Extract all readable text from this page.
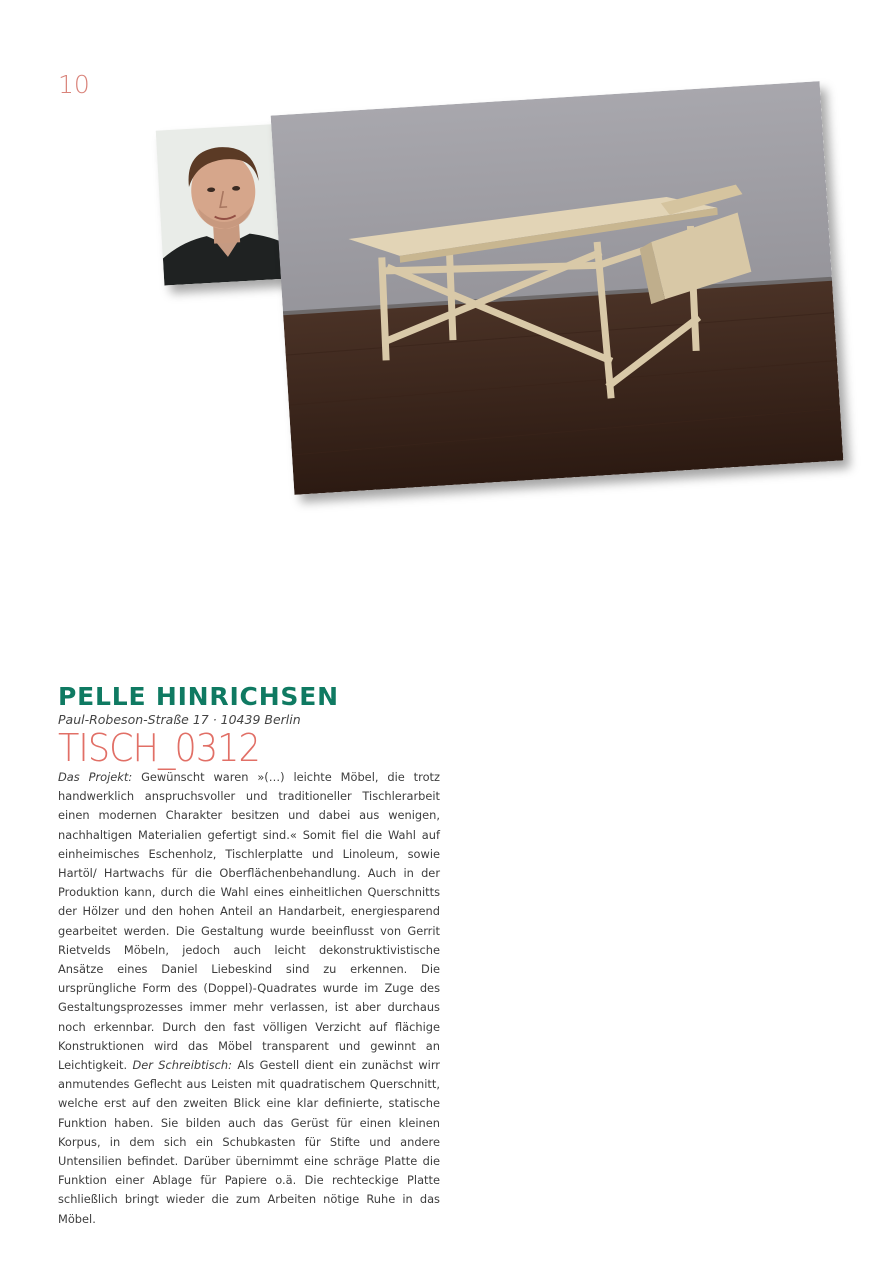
10
PELLE HINRICHSEN

Paul-Robeson-Straße 17 · 10439 Berlin

TISCH_0312

Das Projekt: Gewünscht waren »(…) leichte Möbel, die trotz handwerklich anspruchsvoller und traditioneller Tischlerarbeit einen modernen Charakter besitzen und dabei aus wenigen, nachhaltigen Materialien gefertigt sind.« Somit fiel die Wahl auf einheimisches Eschenholz, Tischlerplatte und Linoleum, sowie Hartöl/ Hartwachs für die Oberflächenbehandlung. Auch in der Produktion kann, durch die Wahl eines einheitlichen Querschnitts der Hölzer und den hohen Anteil an Handarbeit, energiesparend gearbeitet werden. Die Gestaltung wurde beeinflusst von Gerrit Rietvelds Möbeln, jedoch auch leicht dekonstruktivistische Ansätze eines Daniel Liebeskind sind zu erkennen. Die ursprüngliche Form des (Doppel)-Quadrates wurde im Zuge des Gestaltungsprozesses immer mehr verlassen, ist aber durchaus noch erkennbar. Durch den fast völligen Verzicht auf flächige Konstruktionen wird das Möbel transparent und gewinnt an Leichtigkeit. Der Schreibtisch: Als Gestell dient ein zunächst wirr anmutendes Geflecht aus Leisten mit quadratischem Querschnitt, welche erst auf den zweiten Blick eine klar definierte, statische Funktion haben. Sie bilden auch das Gerüst für einen kleinen Korpus, in dem sich ein Schubkasten für Stifte und andere Untensilien befindet. Darüber übernimmt eine schräge Platte die Funktion einer Ablage für Papiere o.ä. Die rechteckige Platte schließlich bringt wieder die zum Arbeiten nötige Ruhe in das Möbel.
